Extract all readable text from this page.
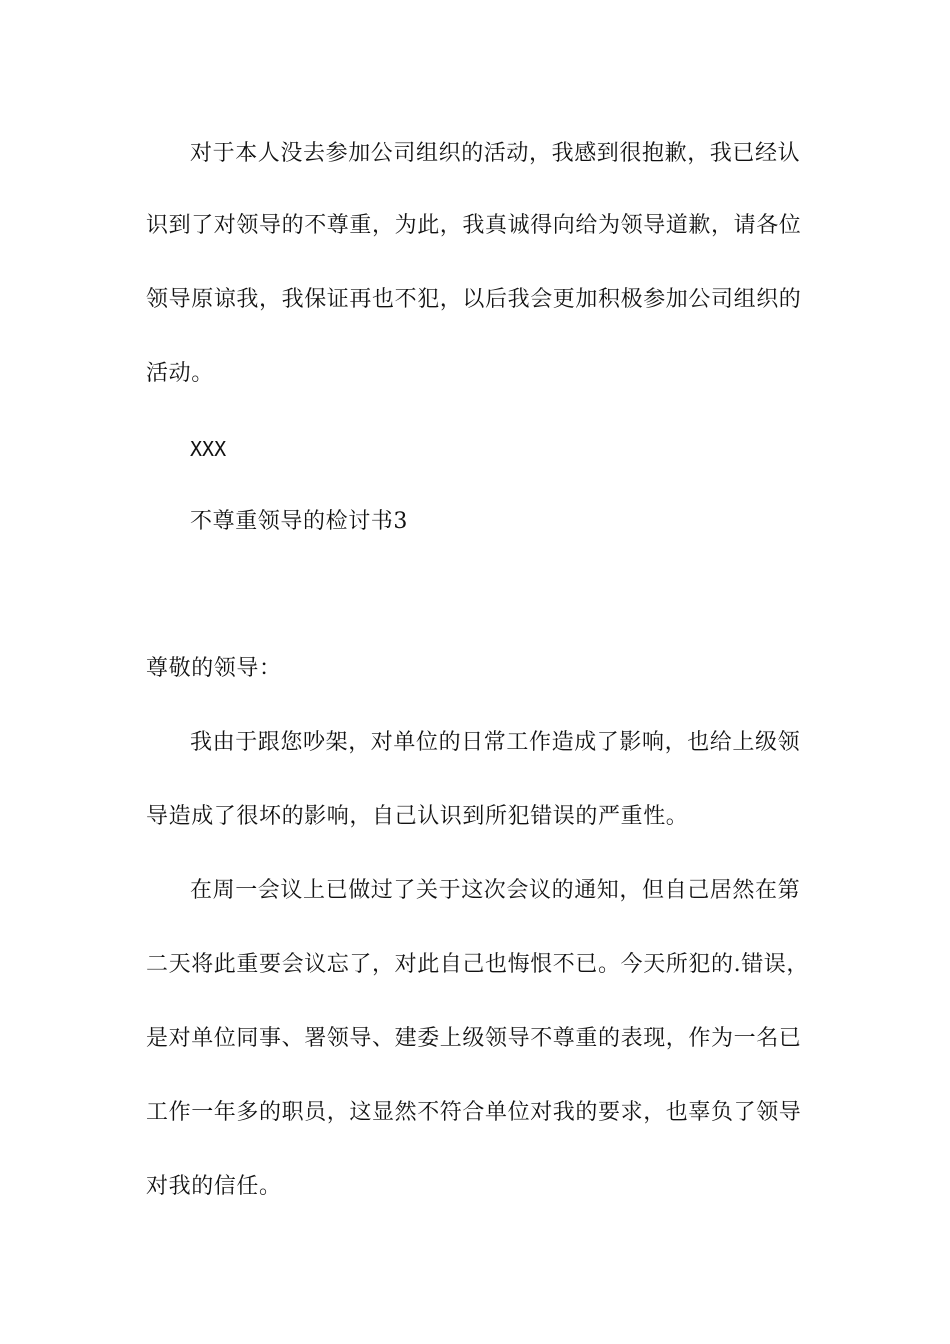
对于本人没去参加公司组织的活动，我感到很抱歉，我已经认
识到了对领导的不尊重，为此，我真诚得向给为领导道歉，请各位
领导原谅我，我保证再也不犯，以后我会更加积极参加公司组织的
活动。
XXX
不尊重领导的检讨书3
尊敬的领导：
我由于跟您吵架，对单位的日常工作造成了影响，也给上级领
导造成了很坏的影响，自己认识到所犯错误的严重性。
在周一会议上已做过了关于这次会议的通知，但自己居然在第
二天将此重要会议忘了，对此自己也悔恨不已。今天所犯的.错误，
是对单位同事、署领导、建委上级领导不尊重的表现，作为一名已
工作一年多的职员，这显然不符合单位对我的要求，也辜负了领导
对我的信任。
